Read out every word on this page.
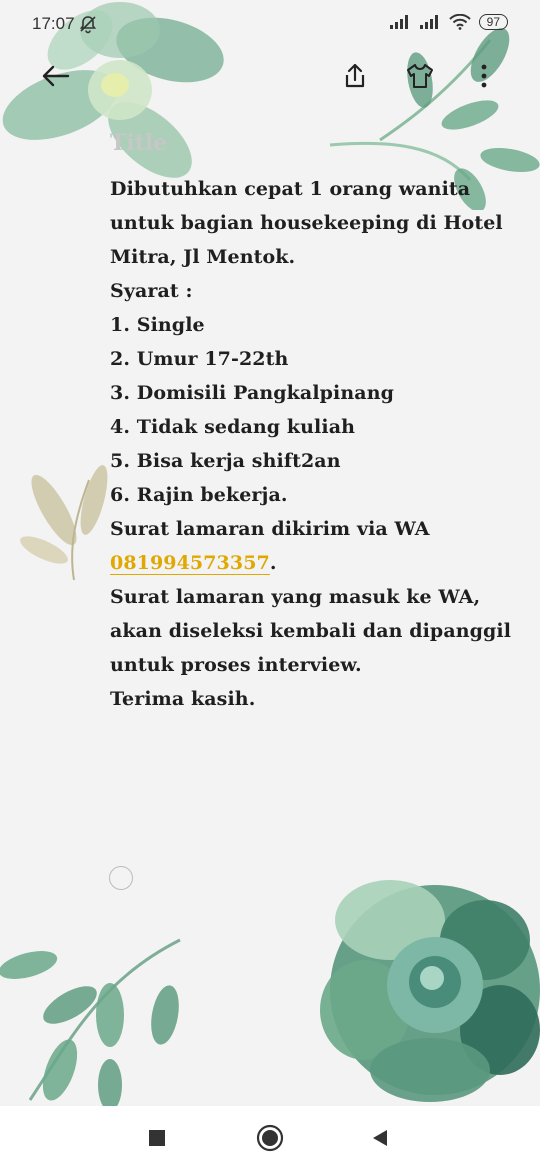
17:07	97
Title
Dibutuhkan cepat 1 orang wanita
untuk bagian housekeeping di Hotel
Mitra, Jl Mentok.
Syarat :
1. Single
2. Umur 17-22th
3. Domisili Pangkalpinang
4. Tidak sedang kuliah
5. Bisa kerja shift2an
6. Rajin bekerja.
Surat lamaran dikirim via WA
081994573357.
Surat lamaran yang masuk ke WA,
akan diseleksi kembali dan dipanggil
untuk proses interview.
Terima kasih.
